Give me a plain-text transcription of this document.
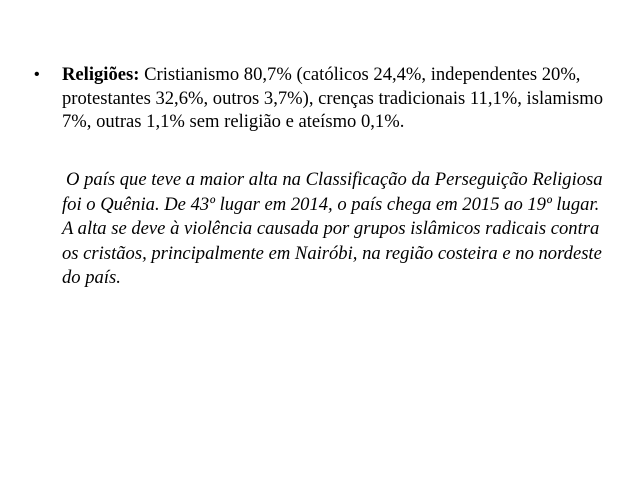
• Religiões: Cristianismo 80,7% (católicos 24,4%, independentes 20%, protestantes 32,6%, outros 3,7%), crenças tradicionais 11,1%, islamismo 7%, outras 1,1% sem religião e ateísmo 0,1%.
O país que teve a maior alta na Classificação da Perseguição Religiosa foi o Quênia. De 43º lugar em 2014, o país chega em 2015 ao 19º lugar. A alta se deve à violência causada por grupos islâmicos radicais contra os cristãos, principalmente em Nairóbi, na região costeira e no nordeste do país.
